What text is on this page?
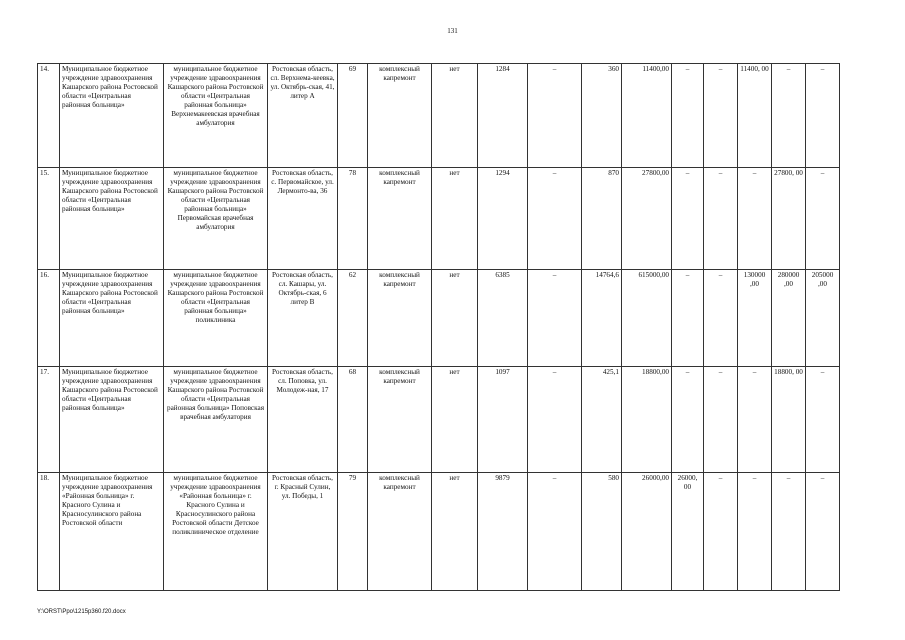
131
14.	Муниципальное бюджетное учреждение здравоохранения Кашарского района Ростовской области «Центральная районная больница»	муниципальное бюджетное учреждение здравоохранения Кашарского района Ростовской области «Центральная районная больница» Верхнемакеевская врачебная амбулатория	Ростовская область, сл. Верхнема-кеевка, ул. Октябрь-ская, 41, литер А	69	комплексный капремонт	нет	1284	–	360	11400,00	–	–	11400, 00	–	–
15.	Муниципальное бюджетное учреждение здравоохранения Кашарского района Ростовской области «Центральная районная больница»	муниципальное бюджетное учреждение здравоохранения Кашарского района Ростовской области «Центральная районная больница» Первомайская врачебная амбулатория	Ростовская область, с. Первомайское, ул. Лермонто-ва, 36	78	комплексный капремонт	нет	1294	–	870	27800,00	–	–	–	27800, 00	–
16.	Муниципальное бюджетное учреждение здравоохранения Кашарского района Ростовской области «Центральная районная больница»	муниципальное бюджетное учреждение здравоохранения Кашарского района Ростовской области «Центральная районная больница» поликлиника	Ростовская область, сл. Кашары, ул. Октябрь-ская, 6 литер В	62	комплексный капремонт	нет	6385	–	14764,6	615000,00	–	–	130000 ,00	280000 ,00	205000 ,00
17.	Муниципальное бюджетное учреждение здравоохранения Кашарского района Ростовской области «Центральная районная больница»	муниципальное бюджетное учреждение здравоохранения Кашарского района Ростовской области «Центральная районная больница» Поповская врачебная амбулатория	Ростовская область, сл. Поповка, ул. Молодеж-ная, 17	68	комплексный капремонт	нет	1097	–	425,1	18800,00	–	–	–	18800, 00	–
18.	Муниципальное бюджетное учреждение здравоохранения «Районная больница» г. Красного Сулина и Красносулинского района Ростовской области	муниципальное бюджетное учреждение здравоохранения «Районная больница» г. Красного Сулина и Красносулинского района Ростовской области Детское поликлиническое отделение	Ростовская область, г. Красный Сулин, ул. Победы, 1	79	комплексный капремонт	нет	9879	–	580	26000,00	26000, 00	–	–	–	–
Y:\ORST\Ppo\1215p360.f20.docx
